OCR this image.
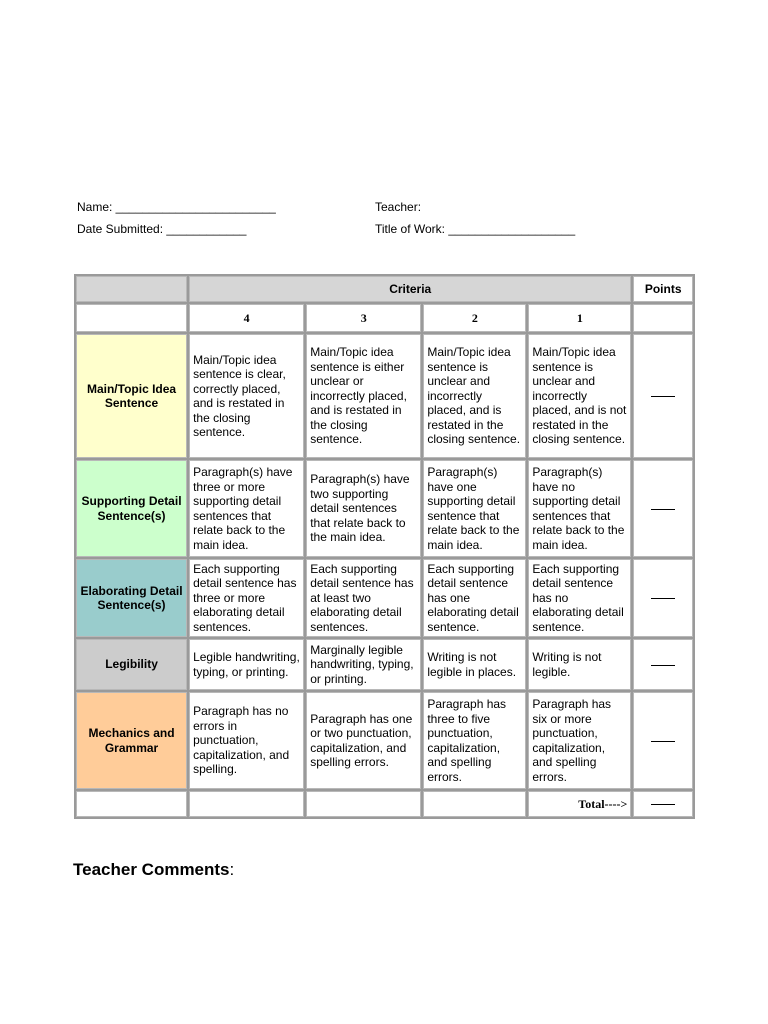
Name: ________________________	Teacher:
Date Submitted: ____________	Title of Work: ___________________
	Criteria				Points
	4	3	2	1	
Main/Topic Idea Sentence	Main/Topic idea sentence is clear, correctly placed, and is restated in the closing sentence.	Main/Topic idea sentence is either unclear or incorrectly placed, and is restated in the closing sentence.	Main/Topic idea sentence is unclear and incorrectly placed, and is restated in the closing sentence.	Main/Topic idea sentence is unclear and incorrectly placed, and is not restated in the closing sentence.	
Supporting Detail Sentence(s)	Paragraph(s) have three or more supporting detail sentences that relate back to the main idea.	Paragraph(s) have two supporting detail sentences that relate back to the main idea.	Paragraph(s) have one supporting detail sentence that relate back to the main idea.	Paragraph(s) have no supporting detail sentences that relate back to the main idea.	
Elaborating Detail Sentence(s)	Each supporting detail sentence has three or more elaborating detail sentences.	Each supporting detail sentence has at least two elaborating detail sentences.	Each supporting detail sentence has one elaborating detail sentence.	Each supporting detail sentence has no elaborating detail sentence.	
Legibility	Legible handwriting, typing, or printing.	Marginally legible handwriting, typing, or printing.	Writing is not legible in places.	Writing is not legible.	
Mechanics and Grammar	Paragraph has no errors in punctuation, capitalization, and spelling.	Paragraph has one or two punctuation, capitalization, and spelling errors.	Paragraph has three to five punctuation, capitalization, and spelling errors.	Paragraph has six or more punctuation, capitalization, and spelling errors.	
				Total---->	
Teacher Comments:
